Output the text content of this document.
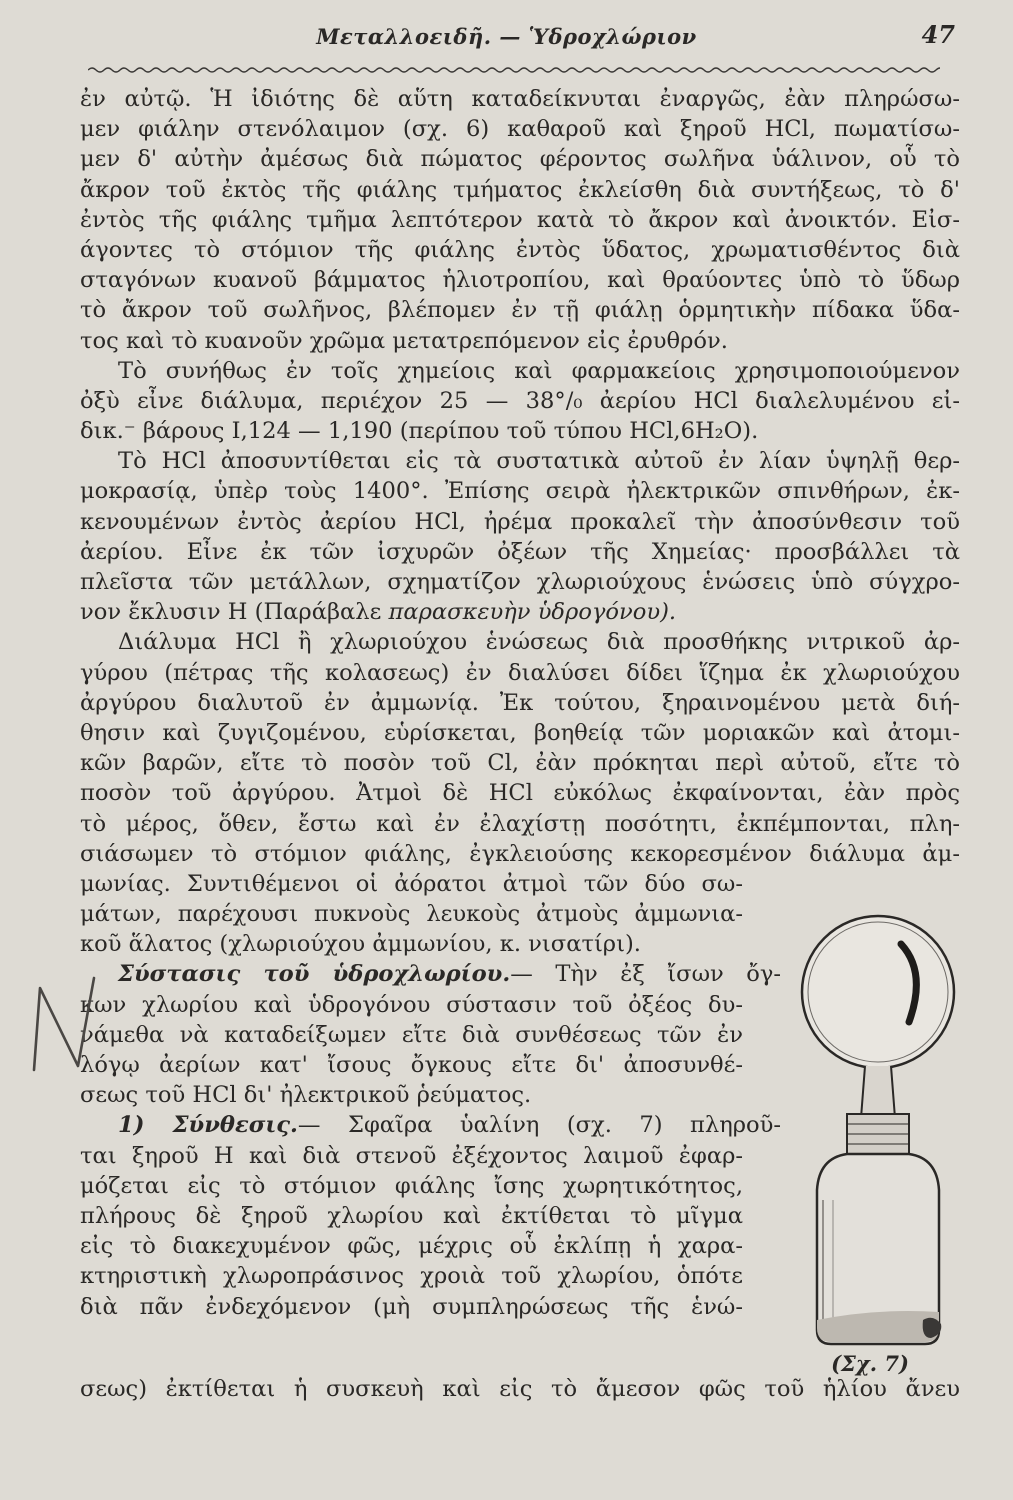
Μεταλλοειδῆ. — Ὑδροχλώριον	47
ἐν αὐτῷ. Ἡ ἰδιότης δὲ αὕτη καταδείκνυται ἐναργῶς, ἐὰν πληρώσω-
μεν φιάλην στενόλαιμον (σχ. 6) καθαροῦ καὶ ξηροῦ HCl, πωματίσω-
μεν δ' αὐτὴν ἀμέσως διὰ πώματος φέροντος σωλῆνα ὑάλινον, οὗ τὸ
ἄκρον τοῦ ἐκτὸς τῆς φιάλης τμήματος ἐκλείσθη διὰ συντήξεως, τὸ δ'
ἐντὸς τῆς φιάλης τμῆμα λεπτότερον κατὰ τὸ ἄκρον καὶ ἀνοικτόν. Εἰσ-
άγοντες τὸ στόμιον τῆς φιάλης ἐντὸς ὕδατος, χρωματισθέντος διὰ
σταγόνων κυανοῦ βάμματος ἡλιοτροπίου, καὶ θραύοντες ὑπὸ τὸ ὕδωρ
τὸ ἄκρον τοῦ σωλῆνος, βλέπομεν ἐν τῇ φιάλῃ ὁρμητικὴν πίδακα ὕδα-
τος καὶ τὸ κυανοῦν χρῶμα μετατρεπόμενον εἰς ἐρυθρόν.
Τὸ συνήθως ἐν τοῖς χημείοις καὶ φαρμακείοις χρησιμοποιούμενον
ὀξὺ εἶνε διάλυμα, περιέχον 25 — 38°/₀ ἀερίου HCl διαλελυμένου εἰ-
δικ.⁻ βάρους Ι,124 — 1,190 (περίπου τοῦ τύπου HCl,6H₂O).
Τὸ HCl ἀποσυντίθεται εἰς τὰ συστατικὰ αὐτοῦ ἐν λίαν ὑψηλῇ θερ-
μοκρασίᾳ, ὑπὲρ τοὺς 1400°. Ἐπίσης σειρὰ ἠλεκτρικῶν σπινθήρων, ἐκ-
κενουμένων ἐντὸς ἀερίου HCl, ἠρέμα προκαλεῖ τὴν ἀποσύνθεσιν τοῦ
ἀερίου. Εἶνε ἐκ τῶν ἰσχυρῶν ὀξέων τῆς Χημείας· προσβάλλει τὰ
πλεῖστα τῶν μετάλλων, σχηματίζον χλωριούχους ἑνώσεις ὑπὸ σύγχρο-
νον ἔκλυσιν Η (Παράβαλε παρασκευὴν ὑδρογόνου).
Διάλυμα HCl ἢ χλωριούχου ἑνώσεως διὰ προσθήκης νιτρικοῦ ἀρ-
γύρου (πέτρας τῆς κολασεως) ἐν διαλύσει δίδει ἵζημα ἐκ χλωριούχου
ἀργύρου διαλυτοῦ ἐν ἀμμωνίᾳ. Ἐκ τούτου, ξηραινομένου μετὰ διή-
θησιν καὶ ζυγιζομένου, εὑρίσκεται, βοηθείᾳ τῶν μοριακῶν καὶ ἀτομι-
κῶν βαρῶν, εἴτε τὸ ποσὸν τοῦ Cl, ἐὰν πρόκηται περὶ αὐτοῦ, εἴτε τὸ
ποσὸν τοῦ ἀργύρου. Ἀτμοὶ δὲ HCl εὐκόλως ἐκφαίνονται, ἐὰν πρὸς
τὸ μέρος, ὅθεν, ἔστω καὶ ἐν ἐλαχίστῃ ποσότητι, ἐκπέμπονται, πλη-
σιάσωμεν τὸ στόμιον φιάλης, ἐγκλειούσης κεκορεσμένον διάλυμα ἀμ-
μωνίας. Συντιθέμενοι οἱ ἀόρατοι ἀτμοὶ τῶν δύο σω-
μάτων, παρέχουσι πυκνοὺς λευκοὺς ἀτμοὺς ἀμμωνια-
κοῦ ἅλατος (χλωριούχου ἀμμωνίου, κ. νισατίρι).
Σύστασις τοῦ ὑδροχλωρίου.— Τὴν ἐξ ἴσων ὄγ-
κων χλωρίου καὶ ὑδρογόνου σύστασιν τοῦ ὀξέος δυ-
νάμεθα νὰ καταδείξωμεν εἴτε διὰ συνθέσεως τῶν ἐν
λόγῳ ἀερίων κατ' ἴσους ὄγκους εἴτε δι' ἀποσυνθέ-
σεως τοῦ HCl δι' ἠλεκτρικοῦ ῥεύματος.
1) Σύνθεσις.— Σφαῖρα ὑαλίνη (σχ. 7) πληροῦ-
ται ξηροῦ Η καὶ διὰ στενοῦ ἐξέχοντος λαιμοῦ ἐφαρ-
μόζεται εἰς τὸ στόμιον φιάλης ἴσης χωρητικότητος,
πλήρους δὲ ξηροῦ χλωρίου καὶ ἐκτίθεται τὸ μῖγμα
εἰς τὸ διακεχυμένον φῶς, μέχρις οὗ ἐκλίπῃ ἡ χαρα-
κτηριστικὴ χλωροπράσινος χροιὰ τοῦ χλωρίου, ὁπότε
διὰ πᾶν ἐνδεχόμενον (μὴ συμπληρώσεως τῆς ἑνώ-
σεως) ἐκτίθεται ἡ συσκευὴ καὶ εἰς τὸ ἄμεσον φῶς τοῦ ἡλίου ἄνευ
(Σχ. 7)
